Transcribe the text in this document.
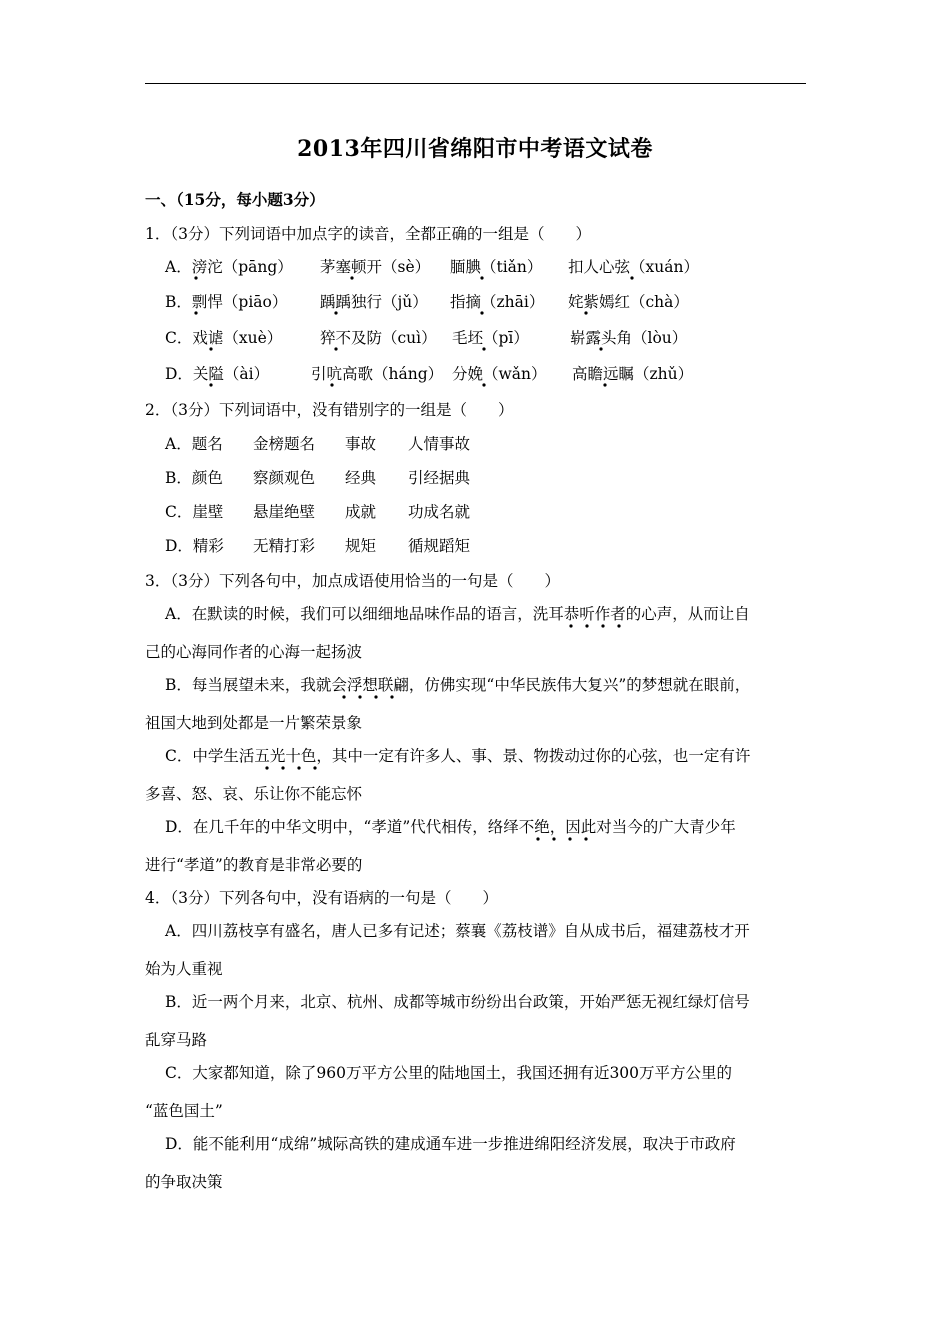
2013年四川省绵阳市中考语文试卷
一、（15分，每小题3分）
1．（3分）下列词语中加点字的读音，全都正确的一组是（　　）
A．滂沱（pāng） 茅塞顿开（sè） 腼腆（tiǎn） 扣人心弦（xuán）
B．剽悍（piāo） 踽踽独行（jǔ） 指摘（zhāi） 姹紫嫣红（chà）
C．戏谑（xuè） 猝不及防（cuì） 毛坯（pī）	崭露头角（lòu）
D．关隘（ài）	引吭高歌（háng） 分娩（wǎn） 高瞻远瞩（zhǔ）
2．（3分）下列词语中，没有错别字的一组是（　　）
A．题名 金榜题名 事故 人情事故
B．颜色 察颜观色 经典 引经据典
C．崖壁 悬崖绝壁 成就 功成名就
D．精彩 无精打彩 规矩 循规蹈矩
3．（3分）下列各句中，加点成语使用恰当的一句是（　　）
A．在默读的时候，我们可以细细地品味作品的语言，洗耳恭听作者的心声，从而让自
己的心海同作者的心海一起扬波
B．每当展望未来，我就会浮想联翩，仿佛实现“中华民族伟大复兴”的梦想就在眼前，
祖国大地到处都是一片繁荣景象
C．中学生活五光十色，其中一定有许多人、事、景、物拨动过你的心弦，也一定有许
多喜、怒、哀、乐让你不能忘怀
D．在几千年的中华文明中，“孝道”代代相传，络绎不绝，因此对当今的广大青少年
进行“孝道”的教育是非常必要的
4．（3分）下列各句中，没有语病的一句是（　　）
A．四川荔枝享有盛名，唐人已多有记述；蔡襄《荔枝谱》自从成书后，福建荔枝才开
始为人重视
B．近一两个月来，北京、杭州、成都等城市纷纷出台政策，开始严惩无视红绿灯信号
乱穿马路
C．大家都知道，除了960万平方公里的陆地国土，我国还拥有近300万平方公里的
“蓝色国土”
D．能不能利用“成绵”城际高铁的建成通车进一步推进绵阳经济发展，取决于市政府
的争取决策
